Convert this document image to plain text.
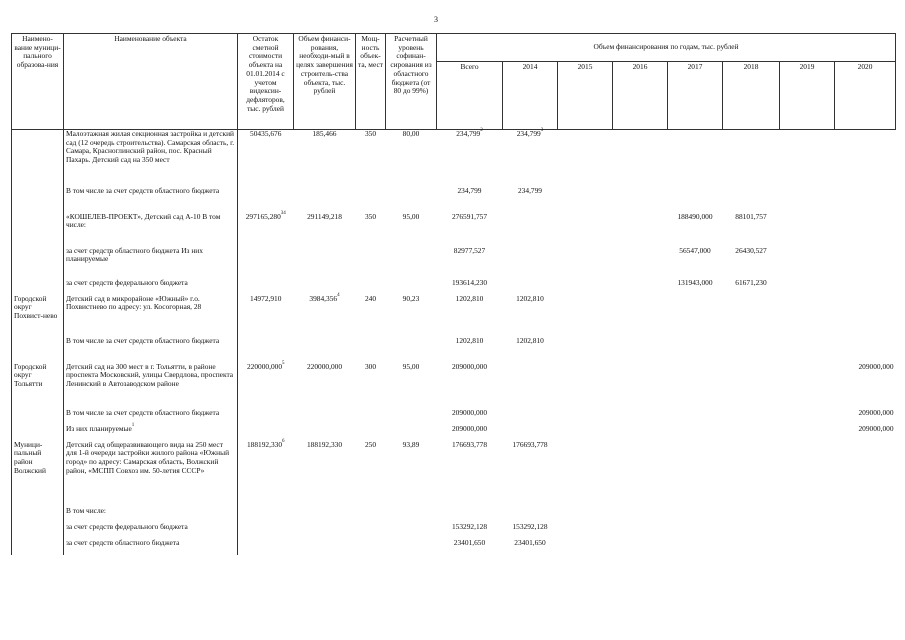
3
Наимено-вание муници-пального образова-ния	Наименование объекта	Остаток сметной стоимости объекта на 01.01.2014 с учетом видексин-дефляторов, тыс. рублей	Объем финанси-рования, необходи-мый в целях завершения строитель-ства объекта, тыс. рублей	Мощ-ность объек-та, мест	Расчетный уровень софинан-сирования из областного бюджета (от 80 до 99%)	Объем финансирования по годам, тыс. рублей							
						Всего	2014	2015	2016	2017	2018	2019	2020
	Малоэтажная жилая секционная застройка и детский сад (12 очередь строительства). Самарская область, г. Самара, Красноглинский район, пос. Красный Пахарь. Детский сад на 350 мест	50435,676	185,466	350	80,00	234,799$^2$	234,799$^3$						
	В том числе за счет средств областного бюджета					234,799	234,799						
	«КОШЕЛЕВ-ПРОЕКТ», Детский сад А-10 В том числе:	297165,280$^{34}$	291149,218	350	95,00	276591,757				188490,000	88101,757		
	за счет средств областного бюджета Из них планируемые$^1$					82977,527				56547,000	26430,527		
	за счет средств федерального бюджета					193614,230				131943,000	61671,230		
Городской округ Похвист-нево	Детский сад в микрорайоне «Южный» г.о. Похвистнево по адресу: ул. Косогорная, 28	14972,910	3984,356$^4$	240	90,23	1202,810	1202,810						
	В том числе за счет средств областного бюджета					1202,810	1202,810						
Городской округ Тольятти	Детский сад на 300 мест в г. Тольятти, в районе проспекта Московский, улицы Свердлова, проспекта Ленинский в Автозаводском районе	220000,000$^5$	220000,000	300	95,00	209000,000							209000,000
	В том числе за счет средств областного бюджета					209000,000							209000,000
	Из них планируемые$^1$					209000,000							209000,000
Муници-пальный район Волжский	Детский сад общеразвивающего вида на 250 мест для 1-й очереди застройки жилого района «Южный город» по адресу: Самарская область, Волжский район, «МСПП Совхоз им. 50-летия СССР»	188192,330$^6$	188192,330	250	93,89	176693,778	176693,778						
	В том числе:												
	за счет средств федерального бюджета					153292,128	153292,128						
	за счет средств областного бюджета					23401,650	23401,650						
